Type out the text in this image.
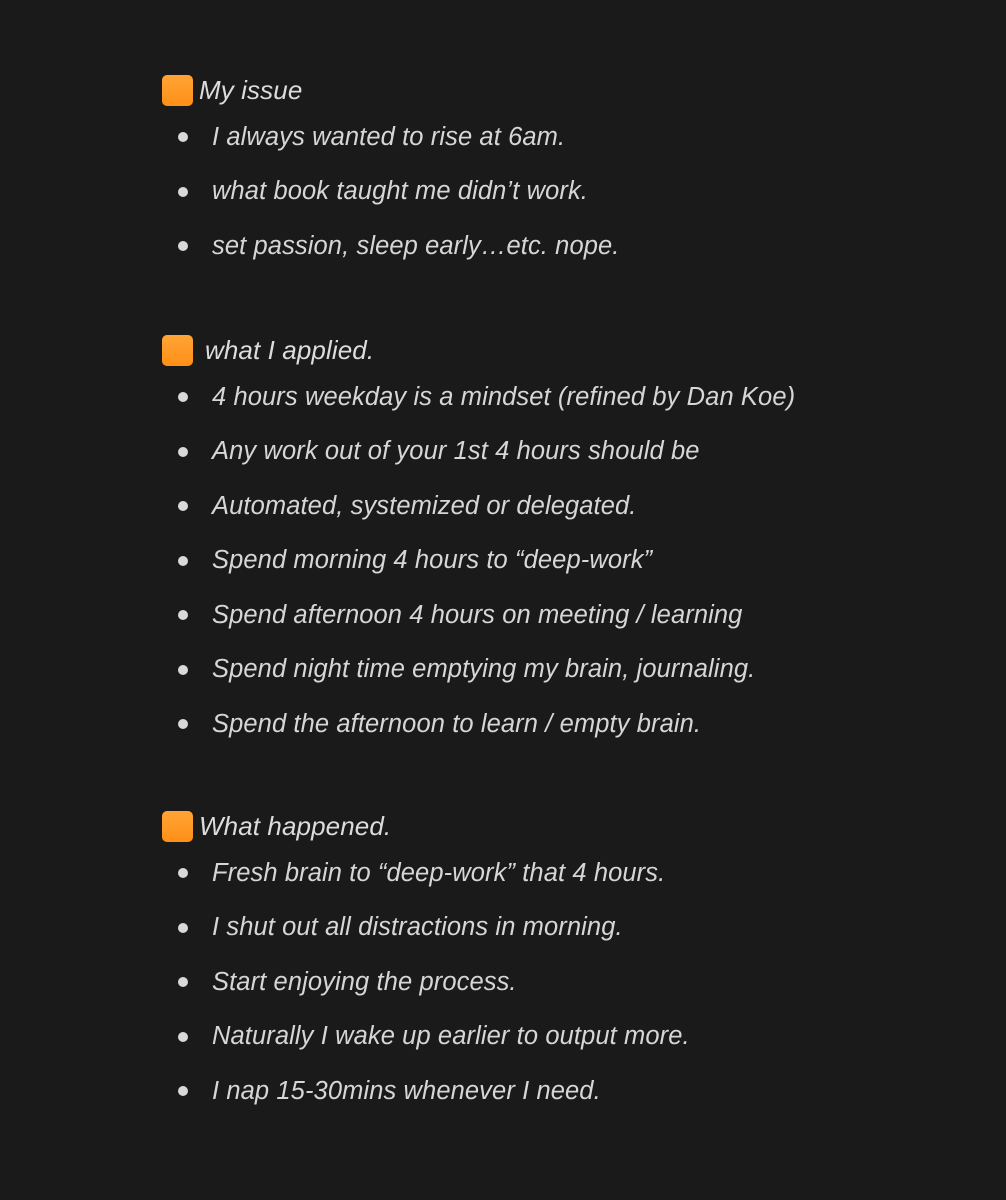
My issue
I always wanted to rise at 6am.
what book taught me didn’t work.
set passion, sleep early…etc. nope.
what I applied.
4 hours weekday is a mindset (refined by Dan Koe)
Any work out of your 1st 4 hours should be
Automated, systemized or delegated.
Spend morning 4 hours to “deep-work”
Spend afternoon 4 hours on meeting / learning
Spend night time emptying my brain, journaling.
Spend the afternoon to learn / empty brain.
What happened.
Fresh brain to “deep-work” that 4 hours.
I shut out all distractions in morning.
Start enjoying the process.
Naturally I wake up earlier to output more.
I nap 15-30mins whenever I need.
